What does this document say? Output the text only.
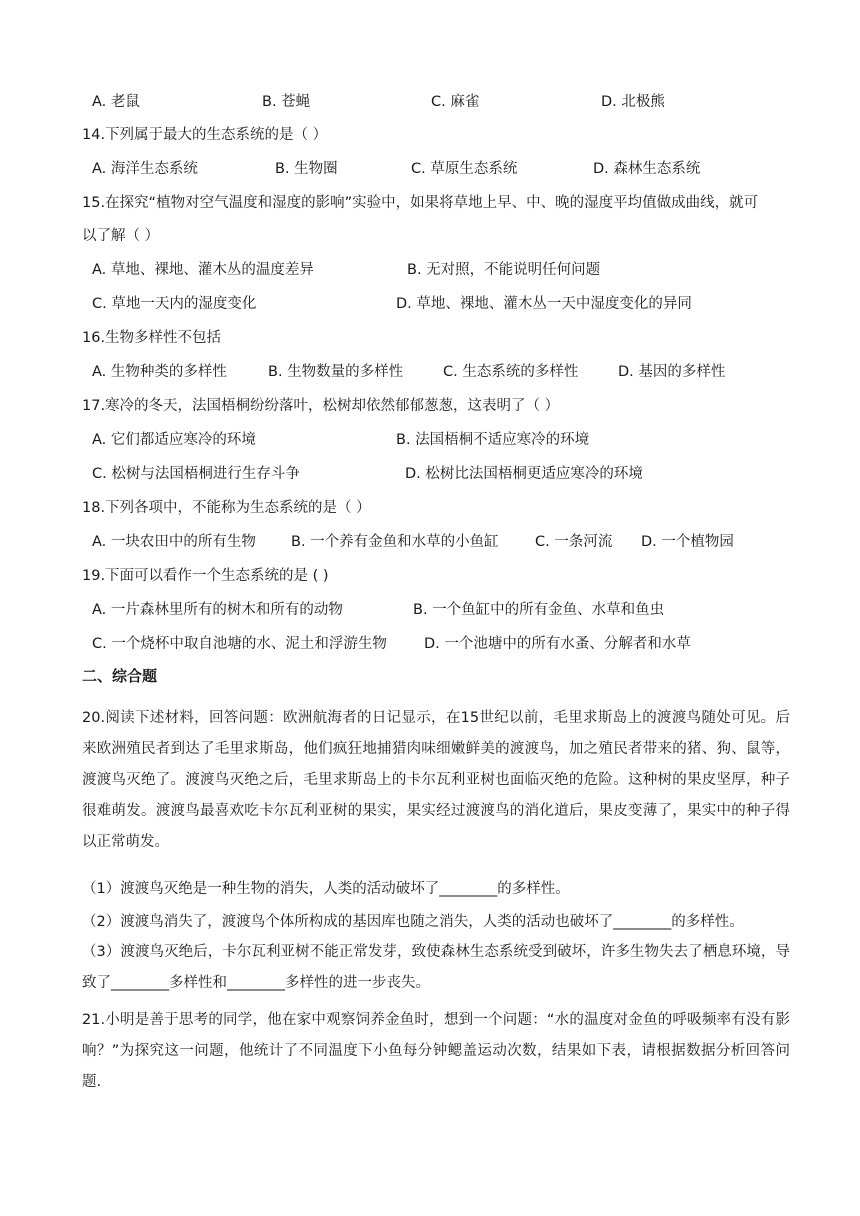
A. 老鼠	B. 苍蝇	C. 麻雀	D. 北极熊
14.下列属于最大的生态系统的是（ ）
A. 海洋生态系统	B. 生物圈	C. 草原生态系统	D. 森林生态系统
15.在探究“植物对空气温度和湿度的影响”实验中，如果将草地上早、中、晚的湿度平均值做成曲线，就可
以了解（ ）
A. 草地、裸地、灌木丛的温度差异	B. 无对照，不能说明任何问题
C. 草地一天内的湿度变化	D. 草地、裸地、灌木丛一天中湿度变化的异同
16.生物多样性不包括
A. 生物种类的多样性	B. 生物数量的多样性	C. 生态系统的多样性	D. 基因的多样性
17.寒冷的冬天，法国梧桐纷纷落叶，松树却依然郁郁葱葱，这表明了（ ）
A. 它们都适应寒冷的环境	B. 法国梧桐不适应寒冷的环境
C. 松树与法国梧桐进行生存斗争	D. 松树比法国梧桐更适应寒冷的环境
18.下列各项中，不能称为生态系统的是（ ）
A. 一块农田中的所有生物 B. 一个养有金鱼和水草的小鱼缸	C. 一条河流 D. 一个植物园
19.下面可以看作一个生态系统的是 ( )
A. 一片森林里所有的树木和所有的动物	B. 一个鱼缸中的所有金鱼、水草和鱼虫
C. 一个烧杯中取自池塘的水、泥土和浮游生物	D. 一个池塘中的所有水蚤、分解者和水草
二、综合题
20.阅读下述材料，回答问题：欧洲航海者的日记显示，在15世纪以前，毛里求斯岛上的渡渡鸟随处可见。后来欧洲殖民者到达了毛里求斯岛，他们疯狂地捕猎肉味细嫩鲜美的渡渡鸟，加之殖民者带来的猪、狗、鼠等，渡渡鸟灭绝了。渡渡鸟灭绝之后，毛里求斯岛上的卡尔瓦利亚树也面临灭绝的危险。这种树的果皮坚厚，种子很难萌发。渡渡鸟最喜欢吃卡尔瓦利亚树的果实，果实经过渡渡鸟的消化道后，果皮变薄了，果实中的种子得以正常萌发。
（1）渡渡鸟灭绝是一种生物的消失，人类的活动破坏了________的多样性。
（2）渡渡鸟消失了，渡渡鸟个体所构成的基因库也随之消失，人类的活动也破坏了________的多样性。
（3）渡渡鸟灭绝后，卡尔瓦利亚树不能正常发芽，致使森林生态系统受到破坏，许多生物失去了栖息环境，导致了________多样性和________多样性的进一步丧失。
21.小明是善于思考的同学，他在家中观察饲养金鱼时，想到一个问题：“水的温度对金鱼的呼吸频率有没有影响？”为探究这一问题，他统计了不同温度下小鱼每分钟鳃盖运动次数，结果如下表，请根据数据分析回答问题.
